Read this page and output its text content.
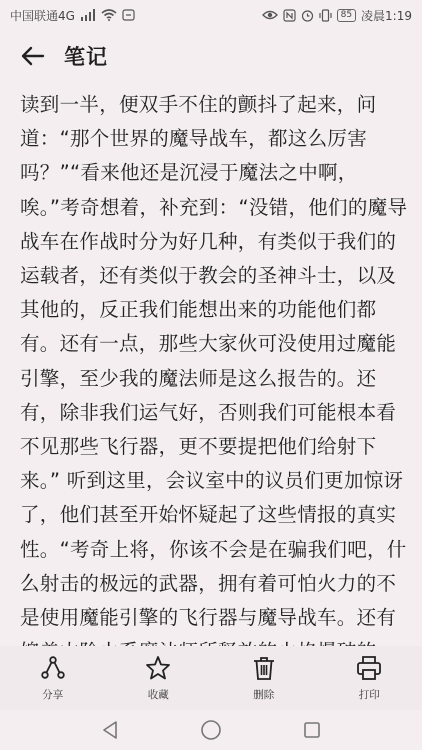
中国联通4G	85 凌晨1:19
笔记

读到一半，便双手不住的颤抖了起来，问道：“那个世界的魔导战车，都这么厉害吗？”“看来他还是沉浸于魔法之中啊，唉。”考奇想着，补充到：“没错，他们的魔导战车在作战时分为好几种，有类似于我们的运载者，还有类似于教会的圣神斗士，以及其他的，反正我们能想出来的功能他们都有。还有一点，那些大家伙可没使用过魔能引擎，至少我的魔法师是这么报告的。还有，除非我们运气好，否则我们可能根本看不见那些飞行器，更不要提把他们给射下来。” 听到这里，会议室中的议员们更加惊讶了，他们甚至开始怀疑起了这些情报的真实性。“考奇上将，你该不会是在骗我们吧，什么射击的极远的武器，拥有着可怕火力的不是使用魔能引擎的飞行器与魔导战车。还有

分享	收藏	删除	打印
